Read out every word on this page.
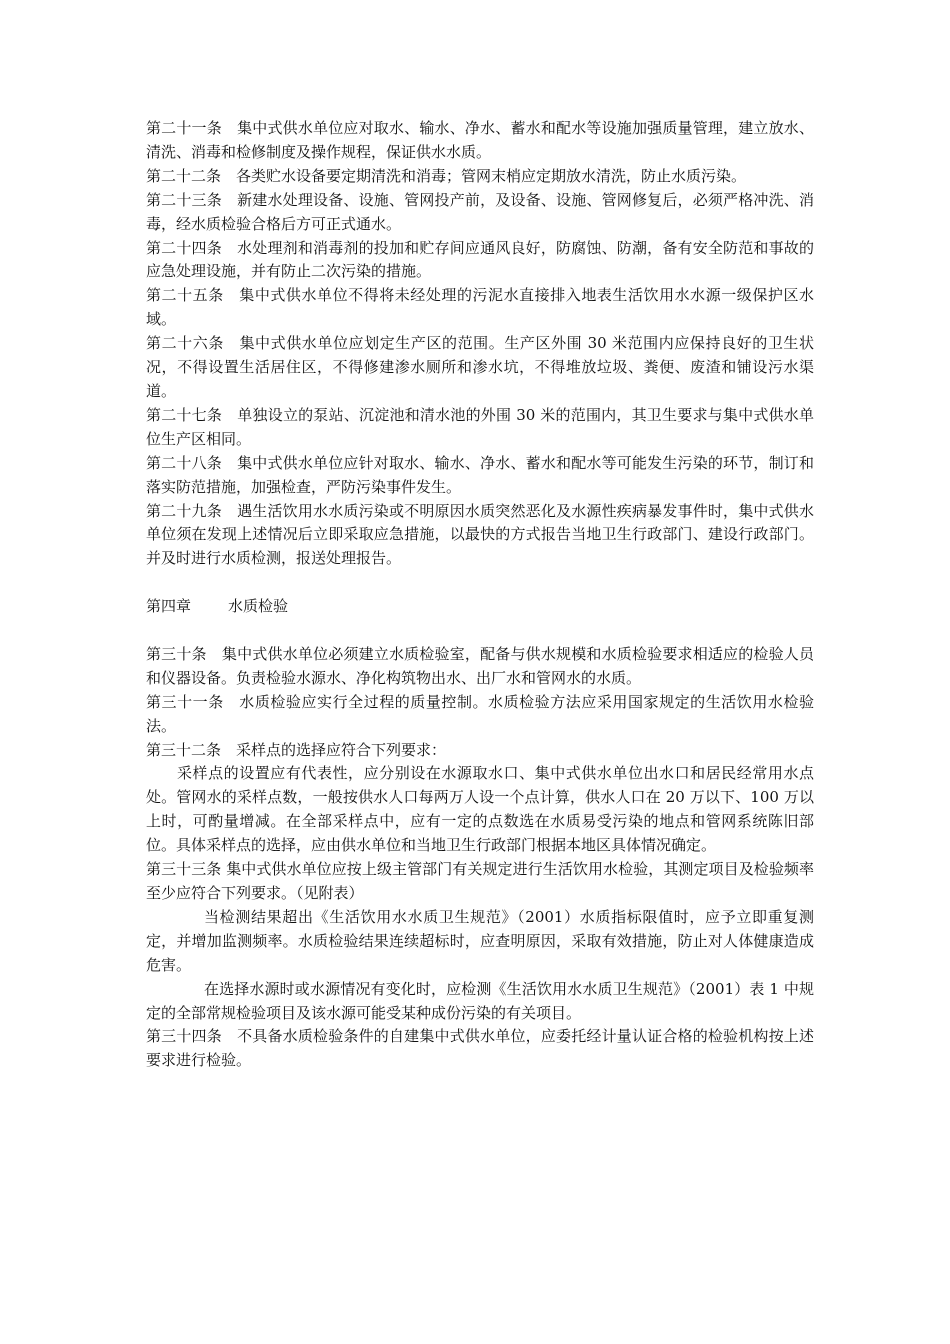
第二十一条　集中式供水单位应对取水、输水、净水、蓄水和配水等设施加强质量管理，建立放水、清洗、消毒和检修制度及操作规程，保证供水水质。

第二十二条　各类贮水设备要定期清洗和消毒；管网末梢应定期放水清洗，防止水质污染。

第二十三条　新建水处理设备、设施、管网投产前，及设备、设施、管网修复后，必须严格冲洗、消毒，经水质检验合格后方可正式通水。

第二十四条　水处理剂和消毒剂的投加和贮存间应通风良好，防腐蚀、防潮，备有安全防范和事故的应急处理设施，并有防止二次污染的措施。

第二十五条　集中式供水单位不得将未经处理的污泥水直接排入地表生活饮用水水源一级保护区水域。

第二十六条　集中式供水单位应划定生产区的范围。生产区外围 30 米范围内应保持良好的卫生状况，不得设置生活居住区，不得修建渗水厕所和渗水坑，不得堆放垃圾、粪便、废渣和铺设污水渠道。

第二十七条　单独设立的泵站、沉淀池和清水池的外围 30 米的范围内，其卫生要求与集中式供水单位生产区相同。

第二十八条　集中式供水单位应针对取水、输水、净水、蓄水和配水等可能发生污染的环节，制订和落实防范措施，加强检查，严防污染事件发生。

第二十九条　遇生活饮用水水质污染或不明原因水质突然恶化及水源性疾病暴发事件时，集中式供水单位须在发现上述情况后立即采取应急措施，以最快的方式报告当地卫生行政部门、建设行政部门。并及时进行水质检测，报送处理报告。

第四章 水质检验

第三十条　集中式供水单位必须建立水质检验室，配备与供水规模和水质检验要求相适应的检验人员和仪器设备。负责检验水源水、净化构筑物出水、出厂水和管网水的水质。

第三十一条　水质检验应实行全过程的质量控制。水质检验方法应采用国家规定的生活饮用水检验法。

第三十二条　采样点的选择应符合下列要求：

采样点的设置应有代表性，应分别设在水源取水口、集中式供水单位出水口和居民经常用水点处。管网水的采样点数，一般按供水人口每两万人设一个点计算，供水人口在 20 万以下、100 万以上时，可酌量增减。在全部采样点中，应有一定的点数选在水质易受污染的地点和管网系统陈旧部位。具体采样点的选择，应由供水单位和当地卫生行政部门根据本地区具体情况确定。

第三十三条 集中式供水单位应按上级主管部门有关规定进行生活饮用水检验，其测定项目及检验频率至少应符合下列要求。（见附表）

当检测结果超出《生活饮用水水质卫生规范》（2001）水质指标限值时，应予立即重复测定，并增加监测频率。水质检验结果连续超标时，应查明原因，采取有效措施，防止对人体健康造成危害。

在选择水源时或水源情况有变化时，应检测《生活饮用水水质卫生规范》（2001）表 1 中规定的全部常规检验项目及该水源可能受某种成份污染的有关项目。

第三十四条　不具备水质检验条件的自建集中式供水单位，应委托经计量认证合格的检验机构按上述要求进行检验。
